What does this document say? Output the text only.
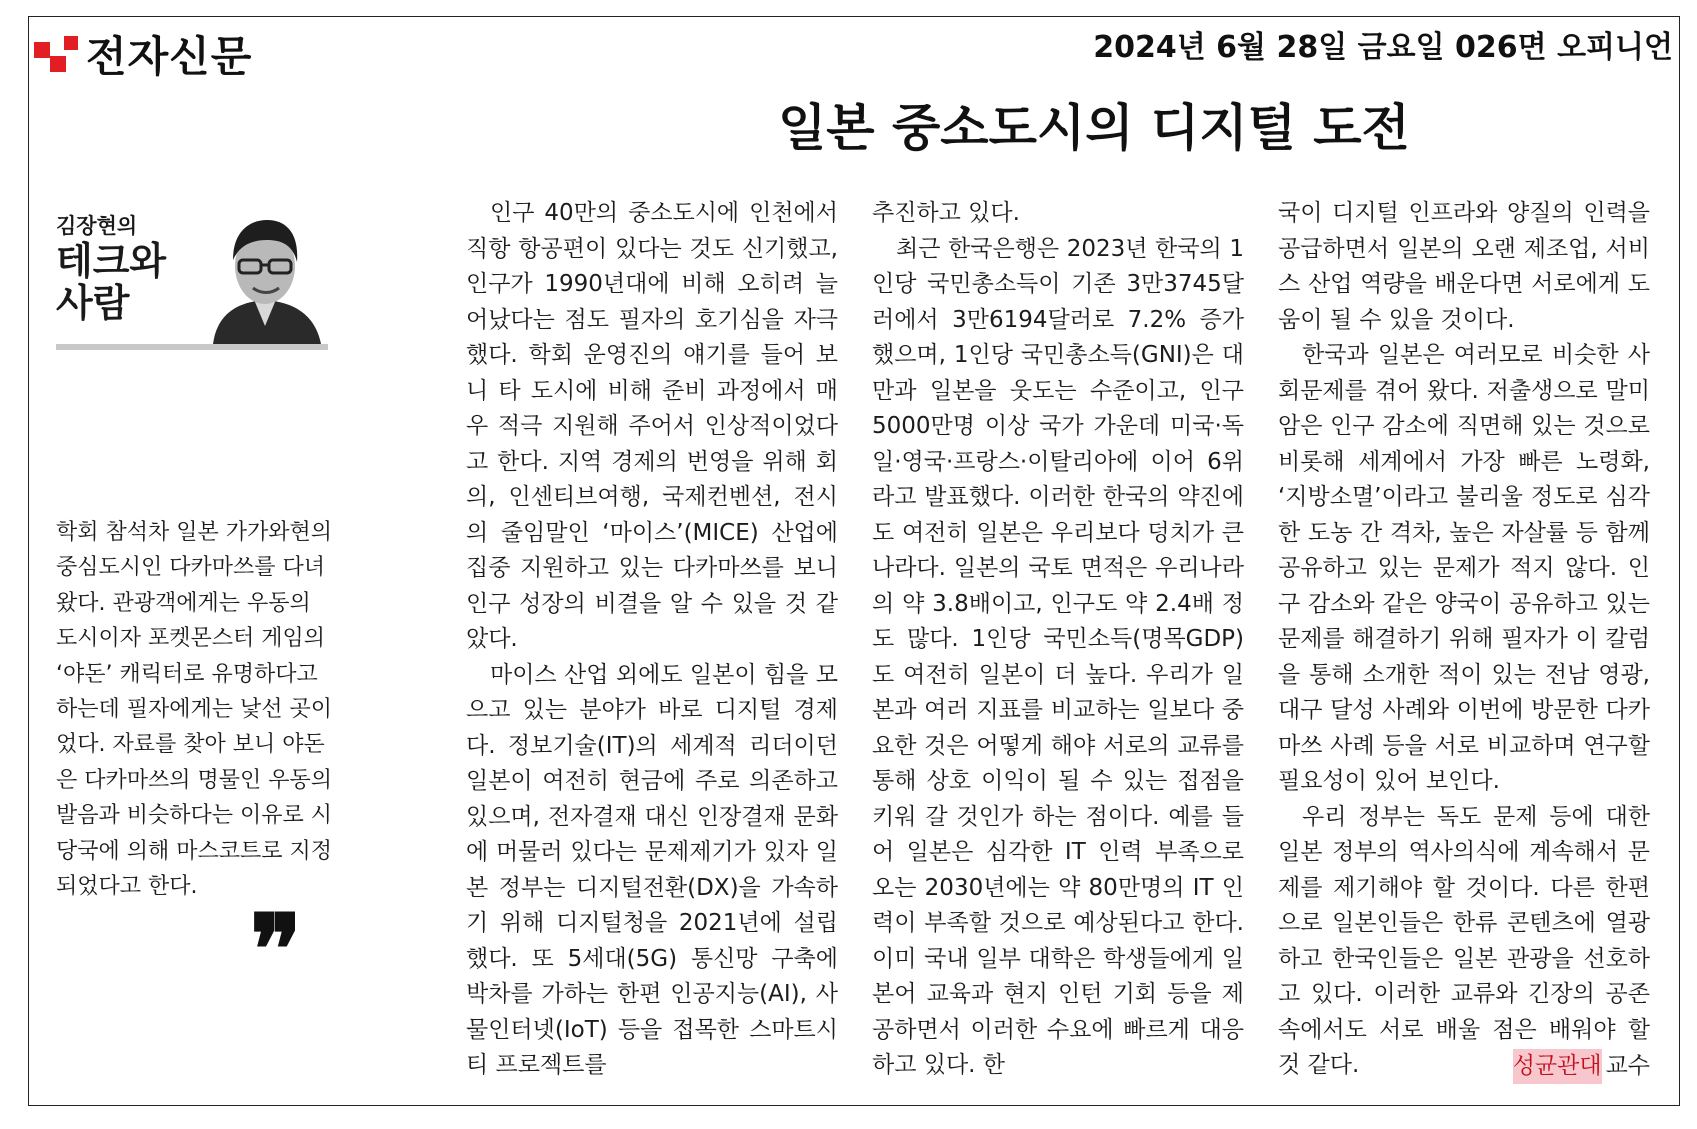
전자신문	2024년 6월 28일 금요일 026면 오피니언
일본 중소도시의 디지털 도전
김장현의
테크와 사람
학회 참석차 일본 가가와현의 중심도시인 다카마쓰를 다녀왔다. 관광객에게는 우동의 도시이자 포켓몬스터 게임의 ‘야돈’ 캐릭터로 유명하다고 하는데 필자에게는 낯선 곳이었다. 자료를 찾아 보니 야돈은 다카마쓰의 명물인 우동의 발음과 비슷하다는 이유로 시 당국에 의해 마스코트로 지정되었다고 한다.
❞

인구 40만의 중소도시에 인천에서 직항 항공편이 있다는 것도 신기했고, 인구가 1990년대에 비해 오히려 늘어났다는 점도 필자의 호기심을 자극했다. 학회 운영진의 얘기를 들어 보니 타 도시에 비해 준비 과정에서 매우 적극 지원해 주어서 인상적이었다고 한다. 지역 경제의 번영을 위해 회의, 인센티브여행, 국제컨벤션, 전시의 줄임말인 ‘마이스’(MICE) 산업에 집중 지원하고 있는 다카마쓰를 보니 인구 성장의 비결을 알 수 있을 것 같았다.

마이스 산업 외에도 일본이 힘을 모으고 있는 분야가 바로 디지털 경제다. 정보기술(IT)의 세계적 리더이던 일본이 여전히 현금에 주로 의존하고 있으며, 전자결재 대신 인장결재 문화에 머물러 있다는 문제제기가 있자 일본 정부는 디지털전환(DX)을 가속하기 위해 디지털청을 2021년에 설립했다. 또 5세대(5G) 통신망 구축에 박차를 가하는 한편 인공지능(AI), 사물인터넷(IoT) 등을 접목한 스마트시티 프로젝트를

추진하고 있다.

최근 한국은행은 2023년 한국의 1인당 국민총소득이 기존 3만3745달러에서 3만6194달러로 7.2% 증가했으며, 1인당 국민총소득(GNI)은 대만과 일본을 웃도는 수준이고, 인구 5000만명 이상 국가 가운데 미국·독일·영국·프랑스·이탈리아에 이어 6위라고 발표했다. 이러한 한국의 약진에도 여전히 일본은 우리보다 덩치가 큰 나라다. 일본의 국토 면적은 우리나라의 약 3.8배이고, 인구도 약 2.4배 정도 많다. 1인당 국민소득(명목GDP)도 여전히 일본이 더 높다. 우리가 일본과 여러 지표를 비교하는 일보다 중요한 것은 어떻게 해야 서로의 교류를 통해 상호 이익이 될 수 있는 접점을 키워 갈 것인가 하는 점이다. 예를 들어 일본은 심각한 IT 인력 부족으로 오는 2030년에는 약 80만명의 IT 인력이 부족할 것으로 예상된다고 한다. 이미 국내 일부 대학은 학생들에게 일본어 교육과 현지 인턴 기회 등을 제공하면서 이러한 수요에 빠르게 대응하고 있다. 한

국이 디지털 인프라와 양질의 인력을 공급하면서 일본의 오랜 제조업, 서비스 산업 역량을 배운다면 서로에게 도움이 될 수 있을 것이다.

한국과 일본은 여러모로 비슷한 사회문제를 겪어 왔다. 저출생으로 말미암은 인구 감소에 직면해 있는 것으로 비롯해 세계에서 가장 빠른 노령화, ‘지방소멸’이라고 불리울 정도로 심각한 도농 간 격차, 높은 자살률 등 함께 공유하고 있는 문제가 적지 않다. 인구 감소와 같은 양국이 공유하고 있는 문제를 해결하기 위해 필자가 이 칼럼을 통해 소개한 적이 있는 전남 영광, 대구 달성 사례와 이번에 방문한 다카마쓰 사례 등을 서로 비교하며 연구할 필요성이 있어 보인다.

우리 정부는 독도 문제 등에 대한 일본 정부의 역사의식에 계속해서 문제를 제기해야 할 것이다. 다른 한편으로 일본인들은 한류 콘텐츠에 열광하고 한국인들은 일본 관광을 선호하고 있다. 이러한 교류와 긴장의 공존 속에서도 서로 배울 점은 배워야 할 것 같다.	성균관대 교수
